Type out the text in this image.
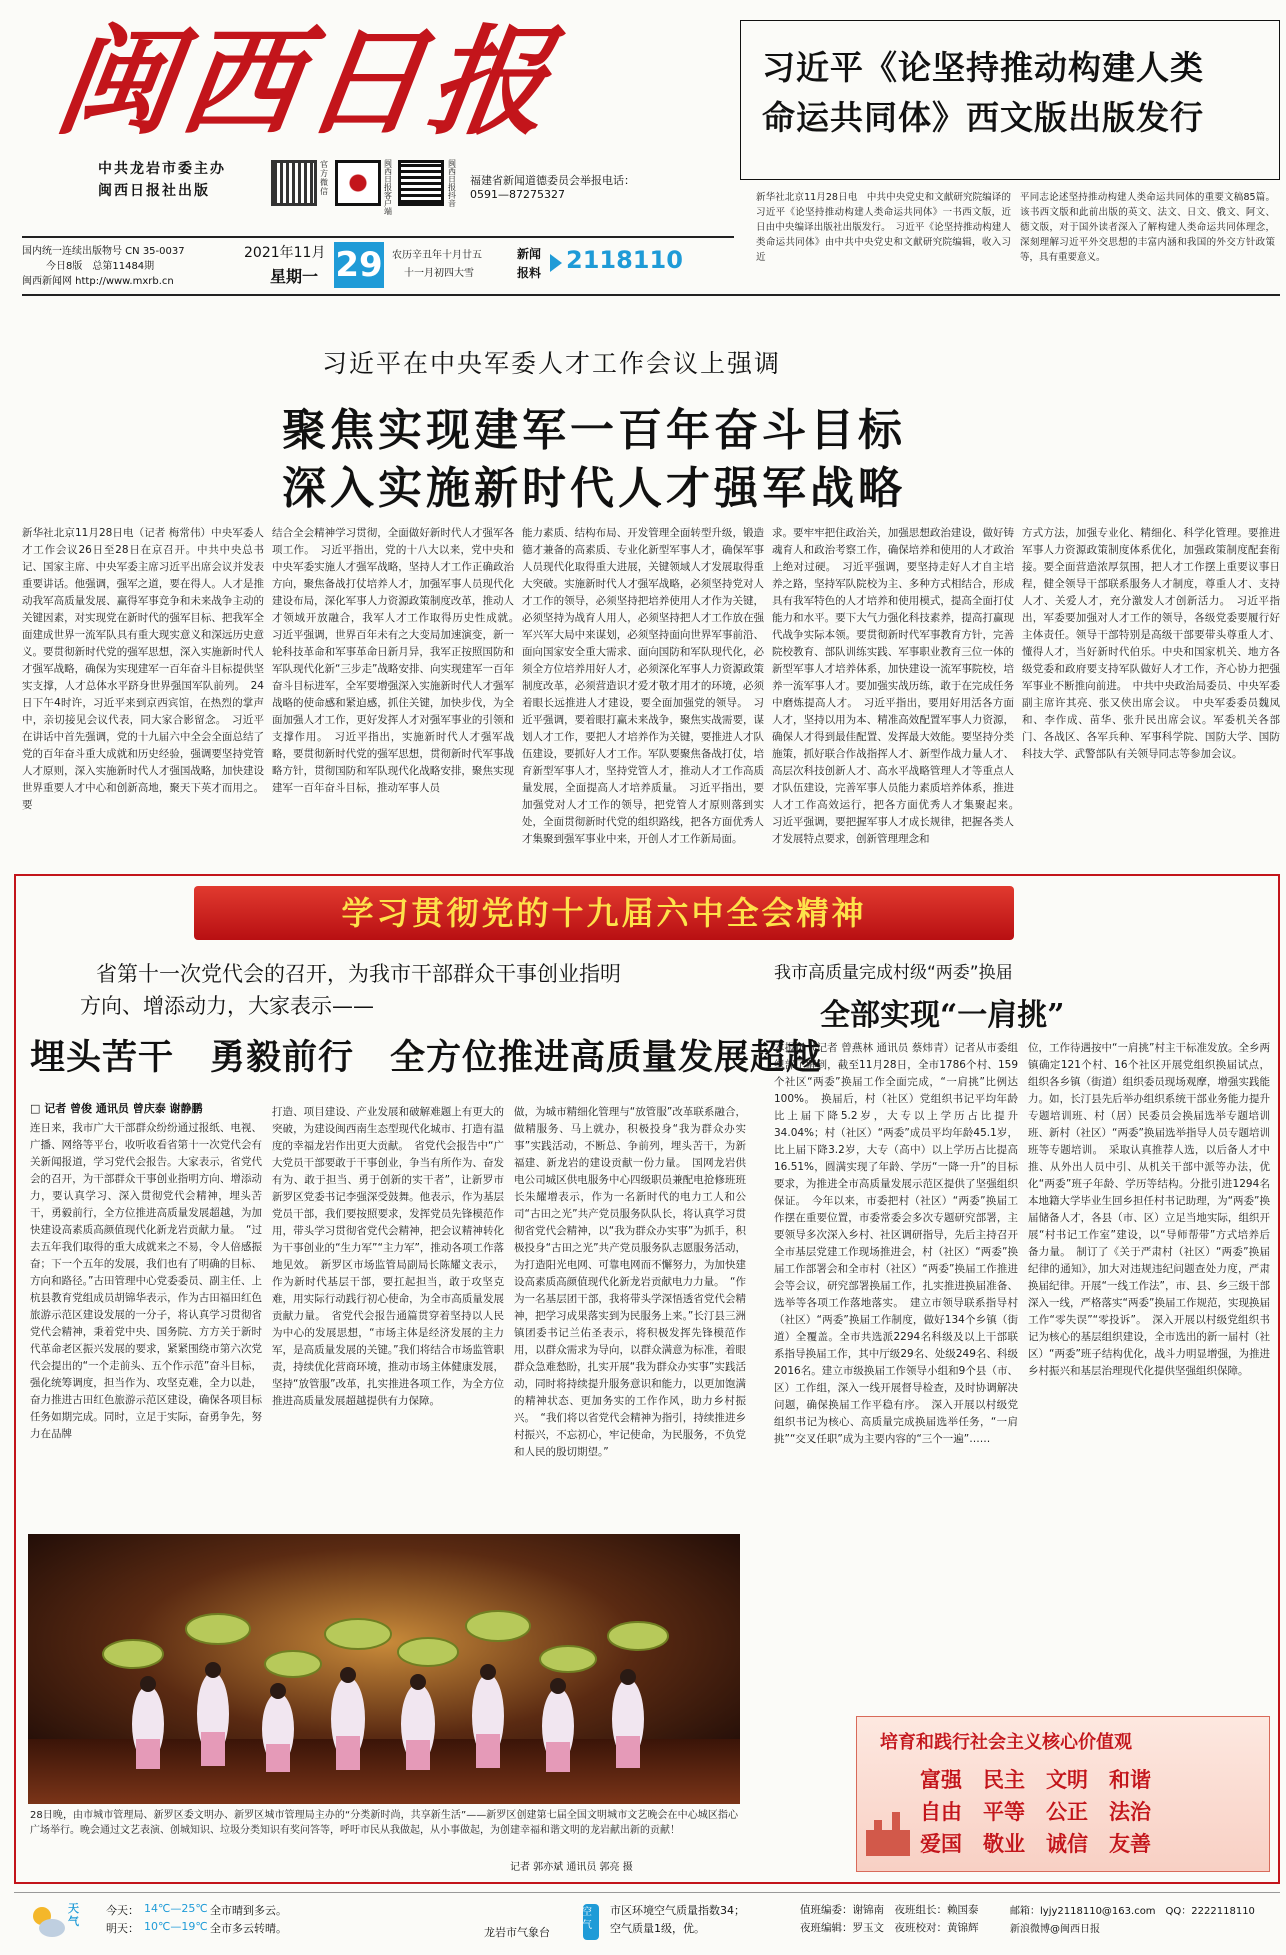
闽西日报
中共龙岩市委主办
闽西日报社出版
官方微信
闽西日报客户端
闽西日报抖音
福建省新闻道德委员会举报电话：
0591—87275327
习近平《论坚持推动构建人类
命运共同体》西文版出版发行
新华社北京11月28日电　中共中央党史和文献研究院编译的习近平《论坚持推动构建人类命运共同体》一书西文版，近日由中央编译出版社出版发行。　习近平《论坚持推动构建人类命运共同体》由中共中央党史和文献研究院编辑，收入习近
平同志论述坚持推动构建人类命运共同体的重要文稿85篇。该书西文版和此前出版的英文、法文、日文、俄文、阿文、德文版，对于国外读者深入了解构建人类命运共同体理念，深刻理解习近平外交思想的丰富内涵和我国的外交方针政策等，具有重要意义。
国内统一连续出版物号 CN 35-0037
今日8版　总第11484期
闽西新闻网 http://www.mxrb.cn
2021年11月
星期一 29 农历辛丑年十月廿五
十一月初四大雪
新闻
报料 2118110
习近平在中央军委人才工作会议上强调
聚焦实现建军一百年奋斗目标
深入实施新时代人才强军战略
新华社北京11月28日电（记者 梅常伟）中央军委人才工作会议26日至28日在京召开。中共中央总书记、国家主席、中央军委主席习近平出席会议并发表重要讲话。他强调，强军之道，要在得人。人才是推动我军高质量发展、赢得军事竞争和未来战争主动的关键因素，对实现党在新时代的强军目标、把我军全面建成世界一流军队具有重大现实意义和深远历史意义。要贯彻新时代党的强军思想，深入实施新时代人才强军战略，确保为实现建军一百年奋斗目标提供坚实支撑，人才总体水平跻身世界强国军队前列。　24日下午4时许，习近平来到京西宾馆，在热烈的掌声中，亲切接见会议代表，同大家合影留念。　习近平在讲话中首先强调，党的十九届六中全会全面总结了党的百年奋斗重大成就和历史经验，强调要坚持党管人才原则，深入实施新时代人才强国战略，加快建设世界重要人才中心和创新高地，聚天下英才而用之。要
结合全会精神学习贯彻，全面做好新时代人才强军各项工作。　习近平指出，党的十八大以来，党中央和中央军委实施人才强军战略，坚持人才工作正确政治方向，聚焦备战打仗培养人才，加强军事人员现代化建设布局，深化军事人力资源政策制度改革，推动人才领域开放融合，我军人才工作取得历史性成就。　习近平强调，世界百年未有之大变局加速演变，新一轮科技革命和军事革命日新月异，我军正按照国防和军队现代化新“三步走”战略安排、向实现建军一百年奋斗目标进军，全军要增强深入实施新时代人才强军战略的使命感和紧迫感，抓住关键，加快步伐，为全面加强人才工作，更好发挥人才对强军事业的引领和支撑作用。　习近平指出，实施新时代人才强军战略，要贯彻新时代党的强军思想，贯彻新时代军事战略方针，贯彻国防和军队现代化战略安排，聚焦实现建军一百年奋斗目标，推动军事人员
能力素质、结构布局、开发管理全面转型升级，锻造德才兼备的高素质、专业化新型军事人才，确保军事人员现代化取得重大进展，关键领域人才发展取得重大突破。实施新时代人才强军战略，必须坚持党对人才工作的领导，必须坚持把培养使用人才作为关键，必须坚持为战育人用人，必须坚持把人才工作放在强军兴军大局中来谋划，必须坚持面向世界军事前沿、面向国家安全重大需求、面向国防和军队现代化，必须全方位培养用好人才，必须深化军事人力资源政策制度改革，必须营造识才爱才敬才用才的环境，必须着眼长远推进人才建设，要全面加强党的领导。　习近平强调，要着眼打赢未来战争，聚焦实战需要，谋划人才工作，要把人才培养作为关键，要推进人才队伍建设，要抓好人才工作。军队要聚焦备战打仗，培育新型军事人才，坚持党管人才，推动人才工作高质量发展，全面提高人才培养质量。　习近平指出，要加强党对人才工作的领导，把党管人才原则落到实处，全面贯彻新时代党的组织路线，把各方面优秀人才集聚到强军事业中来，开创人才工作新局面。
求。要牢牢把住政治关，加强思想政治建设，做好铸魂育人和政治考察工作，确保培养和使用的人才政治上绝对过硬。　习近平强调，要坚持走好人才自主培养之路，坚持军队院校为主、多种方式相结合，形成具有我军特色的人才培养和使用模式，提高全面打仗能力和水平。要下大气力强化科技素养，提高打赢现代战争实际本领。要贯彻新时代军事教育方针，完善院校教育、部队训练实践、军事职业教育三位一体的新型军事人才培养体系，加快建设一流军事院校，培养一流军事人才。要加强实战历练，敢于在完成任务中磨炼提高人才。　习近平指出，要用好用活各方面人才，坚持以用为本、精准高效配置军事人力资源，确保人才得到最佳配置、发挥最大效能。要坚持分类施策，抓好联合作战指挥人才、新型作战力量人才、高层次科技创新人才、高水平战略管理人才等重点人才队伍建设，完善军事人员能力素质培养体系，推进人才工作高效运行，把各方面优秀人才集聚起来。　习近平强调，要把握军事人才成长规律，把握各类人才发展特点要求，创新管理理念和
方式方法，加强专业化、精细化、科学化管理。要推进军事人力资源政策制度体系优化，加强政策制度配套衔接。要全面营造浓厚氛围，把人才工作摆上重要议事日程，健全领导干部联系服务人才制度，尊重人才、支持人才、关爱人才，充分激发人才创新活力。　习近平指出，军委要加强对人才工作的领导，各级党委要履行好主体责任。领导干部特别是高级干部要带头尊重人才、懂得人才，当好新时代伯乐。中央和国家机关、地方各级党委和政府要支持军队做好人才工作，齐心协力把强军事业不断推向前进。　中共中央政治局委员、中央军委副主席许其亮、张又侠出席会议。　中央军委委员魏凤和、李作成、苗华、张升民出席会议。军委机关各部门、各战区、各军兵种、军事科学院、国防大学、国防科技大学、武警部队有关领导同志等参加会议。
学习贯彻党的十九届六中全会精神
省第十一次党代会的召开，为我市干部群众干事创业指明
方向、增添动力，大家表示——
埋头苦干　勇毅前行　全方位推进高质量发展超越
□ 记者 曾俊 通讯员 曾庆泰 谢静鹏
连日来，我市广大干部群众纷纷通过报纸、电视、广播、网络等平台，收听收看省第十一次党代会有关新闻报道，学习党代会报告。大家表示，省党代会的召开，为干部群众干事创业指明方向、增添动力，要认真学习、深入贯彻党代会精神，埋头苦干，勇毅前行，全方位推进高质量发展超越，为加快建设高素质高颜值现代化新龙岩贡献力量。　“过去五年我们取得的重大成就来之不易，令人倍感振奋；下一个五年的发展，我们也有了明确的目标、方向和路径。”古田管理中心党委委员、副主任、上杭县教育党组成员胡锦华表示，作为古田福田红色旅游示范区建设发展的一分子，将认真学习贯彻省党代会精神，秉着党中央、国务院、方方关于新时代革命老区振兴发展的要求，紧紧围绕市第六次党代会提出的“一个走前头、五个作示范”奋斗目标，强化统筹调度，担当作为、攻坚克难，全力以赴，奋力推进古田红色旅游示范区建设，确保各项目标任务如期完成。同时，立足于实际，奋勇争先，努力在品牌
打造、项目建设、产业发展和破解难题上有更大的突破，为建设闽西南生态型现代化城市、打造有温度的幸福龙岩作出更大贡献。　省党代会报告中“广大党员干部要敢于干事创业，争当有所作为、奋发有为、敢于担当、勇于创新的实干者”，让新罗市新罗区党委书记李强深受鼓舞。他表示，作为基层党员干部，我们要按照要求，发挥党员先锋模范作用，带头学习贯彻省党代会精神，把会议精神转化为干事创业的“生力军”“主力军”，推动各项工作落地见效。　新罗区市场监管局副局长陈耀文表示，作为新时代基层干部，要扛起担当，敢于攻坚克难，用实际行动践行初心使命，为全市高质量发展贡献力量。　省党代会报告通篇贯穿着坚持以人民为中心的发展思想，“市场主体是经济发展的主力军，是高质量发展的关键。”我们将结合市场监管职责，持续优化营商环境，推动市场主体健康发展，坚持“放管服”改革，扎实推进各项工作，为全方位推进高质量发展超越提供有力保障。
做，为城市精细化管理与“放管服”改革联系融合，做精服务、马上就办，积极投身“我为群众办实事”实践活动，不断总、争前列，埋头苦干，为新福建、新龙岩的建设贡献一份力量。　国网龙岩供电公司城区供电服务中心四级职员兼配电抢修班班长朱耀增表示，作为一名新时代的电力工人和公司“古田之光”共产党员服务队队长，将认真学习贯彻省党代会精神，以“我为群众办实事”为抓手，积极投身“古田之光”共产党员服务队志愿服务活动，为打造阳光电网、可靠电网而不懈努力，为加快建设高素质高颜值现代化新龙岩贡献电力力量。　“作为一名基层团干部，我将带头学深悟透省党代会精神，把学习成果落实到为民服务上来。”长汀县三洲镇团委书记兰佑圣表示，将积极发挥先锋模范作用，以群众需求为导向，以群众满意为标准，着眼群众急难愁盼，扎实开展“我为群众办实事”实践活动，同时将持续提升服务意识和能力，以更加饱满的精神状态、更加务实的工作作风，助力乡村振兴。　“我们将以省党代会精神为指引，持续推进乡村振兴，不忘初心，牢记使命，为民服务，不负党和人民的殷切期望。”
28日晚，由市城市管理局、新罗区委文明办、新罗区城市管理局主办的“分类新时尚，共享新生活”——新罗区创建第七届全国文明城市文艺晚会在中心城区指心广场举行。晚会通过文艺表演、创城知识、垃圾分类知识有奖问答等，呼吁市民从我做起，从小事做起，为创建幸福和谐文明的龙岩献出新的贡献！
记者 郭亦斌 通讯员 郭亮 摄
我市高质量完成村级“两委”换届
全部实现“一肩挑”
本报讯（记者 曾燕林 通讯员 蔡炜青）记者从市委组织部了解到，截至11月28日，全市1786个村、159个社区“两委”换届工作全面完成，“一肩挑”比例达100%。　换届后，村（社区）党组织书记平均年龄比上届下降5.2岁，大专以上学历占比提升34.04%；村（社区）“两委”成员平均年龄45.1岁，比上届下降3.2岁，大专（高中）以上学历占比提高16.51%，圆满实现了年龄、学历“一降一升”的目标要求，为推进全市高质量发展示范区提供了坚强组织保证。　今年以来，市委把村（社区）“两委”换届工作摆在重要位置，市委常委会多次专题研究部署，主要领导多次深入乡村、社区调研指导，先后主持召开全市基层党建工作现场推进会，村（社区）“两委”换届工作部署会和全市村（社区）“两委”换届工作推进会等会议，研究部署换届工作，扎实推进换届准备、选举等各项工作落地落实。　建立市领导联系指导村（社区）“两委”换届工作制度，做好134个乡镇（街道）全覆盖。全市共选派2294名科级及以上干部联系指导换届工作，其中厅级29名、处级249名、科级2016名。建立市级换届工作领导小组和9个县（市、区）工作组，深入一线开展督导检查，及时协调解决问题，确保换届工作平稳有序。　深入开展以村级党组织书记为核心、高质量完成换届选举任务，“一肩挑”“交叉任职”成为主要内容的“三个一遍”……
位，工作待遇按中“一肩挑”村主干标准发放。全乡两镇确定121个村、16个社区开展党组织换届试点，组织各乡镇（街道）组织委员现场观摩，增强实践能力。如，长汀县先后举办组织系统干部业务能力提升专题培训班、村（居）民委员会换届选举专题培训班、新村（社区）“两委”换届选举指导人员专题培训班等专题培训。　采取认真推荐人选，以后备人才中推、从外出人员中引、从机关干部中派等办法，优化“两委”班子年龄、学历等结构。分批引进1294名本地籍大学毕业生回乡担任村书记助理，为“两委”换届储备人才，各县（市、区）立足当地实际，组织开展“村书记工作室”建设，以“导师帮带”方式培养后备力量。　制订了《关于严肃村（社区）“两委”换届纪律的通知》，加大对违规违纪问题查处力度，严肃换届纪律。开展“一线工作法”，市、县、乡三级干部深入一线，严格落实“两委”换届工作规范，实现换届工作“零失误”“零投诉”。　深入开展以村级党组织书记为核心的基层组织建设，全市选出的新一届村（社区）“两委”班子结构优化，战斗力明显增强，为推进乡村振兴和基层治理现代化提供坚强组织保障。
培育和践行社会主义核心价值观
富强　民主　文明　和谐
自由　平等　公正　法治
爱国　敬业　诚信　友善
天气
今天： 14℃—25℃ 全市晴到多云。
明天： 10℃—19℃ 全市多云转晴。	龙岩市气象台
空气
市区环境空气质量指数34；
空气质量1级，优。
值班编委：谢锦南　夜班组长：赖国泰
夜班编辑：罗玉文　夜班校对：黄锦辉
邮箱：lyjy2118110@163.com　QQ：2222118110
新浪微博@闽西日报
